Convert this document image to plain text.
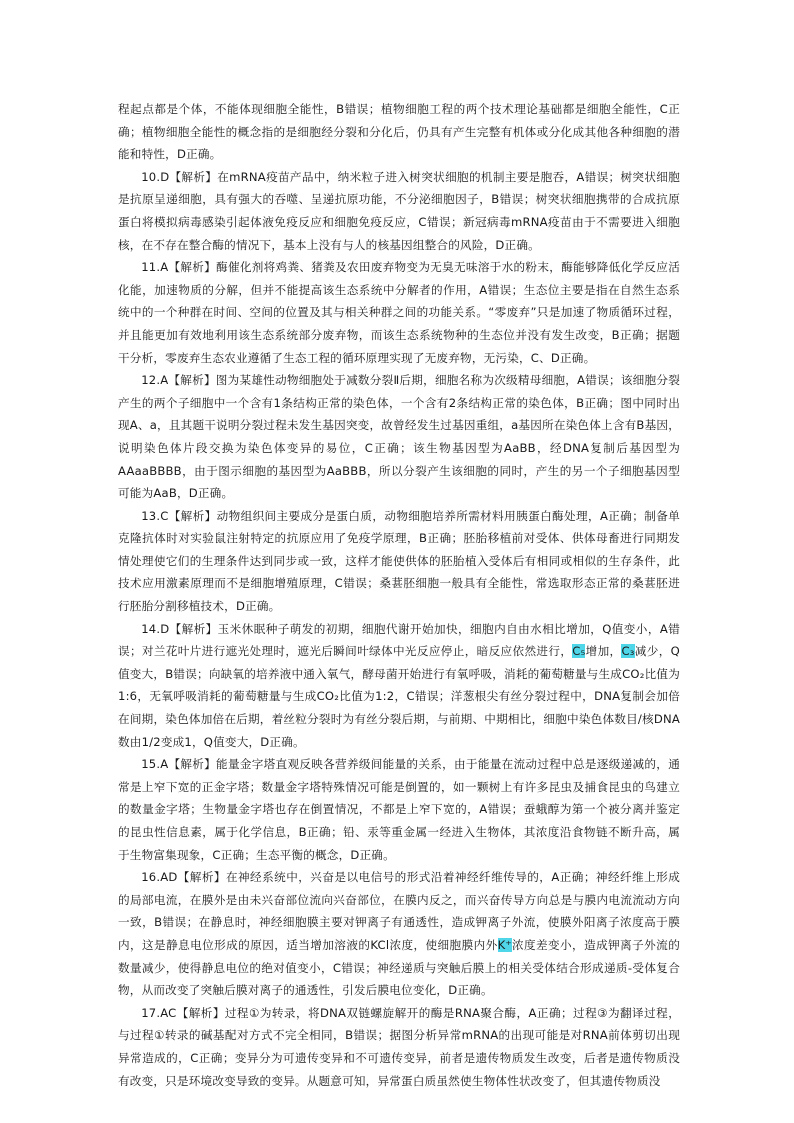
程起点都是个体，不能体现细胞全能性，B错误；植物细胞工程的两个技术理论基础都是细胞全能性，C正确；植物细胞全能性的概念指的是细胞经分裂和分化后，仍具有产生完整有机体或分化成其他各种细胞的潜能和特性，D正确。

10.D【解析】在mRNA疫苗产品中，纳米粒子进入树突状细胞的机制主要是胞吞，A错误；树突状细胞是抗原呈递细胞，具有强大的吞噬、呈递抗原功能，不分泌细胞因子，B错误；树突状细胞携带的合成抗原蛋白将模拟病毒感染引起体液免疫反应和细胞免疫反应，C错误；新冠病毒mRNA疫苗由于不需要进入细胞核，在不存在整合酶的情况下，基本上没有与人的核基因组整合的风险，D正确。

11.A【解析】酶催化剂将鸡粪、猪粪及农田废弃物变为无臭无味溶于水的粉末，酶能够降低化学反应活化能，加速物质的分解，但并不能提高该生态系统中分解者的作用，A错误；生态位主要是指在自然生态系统中的一个种群在时间、空间的位置及其与相关种群之间的功能关系。“零废弃”只是加速了物质循环过程，并且能更加有效地利用该生态系统部分废弃物，而该生态系统物种的生态位并没有发生改变，B正确；据题干分析，零废弃生态农业遵循了生态工程的循环原理实现了无废弃物，无污染，C、D正确。

12.A【解析】图为某雄性动物细胞处于减数分裂Ⅱ后期，细胞名称为次级精母细胞，A错误；该细胞分裂产生的两个子细胞中一个含有1条结构正常的染色体，一个含有2条结构正常的染色体，B正确；图中同时出现A、a，且其题干说明分裂过程未发生基因突变，故曾经发生过基因重组，a基因所在染色体上含有B基因，说明染色体片段交换为染色体变异的易位，C正确；该生物基因型为AaBB，经DNA复制后基因型为AAaaBBBB，由于图示细胞的基因型为AaBBB，所以分裂产生该细胞的同时，产生的另一个子细胞基因型可能为AaB，D正确。

13.C【解析】动物组织间主要成分是蛋白质，动物细胞培养所需材料用胰蛋白酶处理，A正确；制备单克隆抗体时对实验鼠注射特定的抗原应用了免疫学原理，B正确；胚胎移植前对受体、供体母畜进行同期发情处理使它们的生理条件达到同步或一致，这样才能使供体的胚胎植入受体后有相同或相似的生存条件，此技术应用激素原理而不是细胞增殖原理，C错误；桑葚胚细胞一般具有全能性，常选取形态正常的桑葚胚进行胚胎分割移植技术，D正确。

14.D【解析】玉米休眠种子萌发的初期，细胞代谢开始加快，细胞内自由水相比增加，Q值变小，A错误；对兰花叶片进行遮光处理时，遮光后瞬间叶绿体中光反应停止，暗反应依然进行，C₅增加，C₃减少，Q值变大，B错误；向缺氧的培养液中通入氧气，酵母菌开始进行有氧呼吸，消耗的葡萄糖量与生成CO₂比值为1:6，无氧呼吸消耗的葡萄糖量与生成CO₂比值为1:2，C错误；洋葱根尖有丝分裂过程中，DNA复制会加倍在间期，染色体加倍在后期，着丝粒分裂时为有丝分裂后期，与前期、中期相比，细胞中染色体数目/核DNA数由1/2变成1，Q值变大，D正确。

15.A【解析】能量金字塔直观反映各营养级间能量的关系，由于能量在流动过程中总是逐级递减的，通常是上窄下宽的正金字塔；数量金字塔特殊情况可能是倒置的，如一颗树上有许多昆虫及捕食昆虫的鸟建立的数量金字塔；生物量金字塔也存在倒置情况，不都是上窄下宽的，A错误；蚕蛾醇为第一个被分离并鉴定的昆虫性信息素，属于化学信息，B正确；铅、汞等重金属一经进入生物体，其浓度沿食物链不断升高，属于生物富集现象，C正确；生态平衡的概念，D正确。

16.AD【解析】在神经系统中，兴奋是以电信号的形式沿着神经纤维传导的，A正确；神经纤维上形成的局部电流，在膜外是由未兴奋部位流向兴奋部位，在膜内反之，而兴奋传导方向总是与膜内电流流动方向一致，B错误；在静息时，神经细胞膜主要对钾离子有通透性，造成钾离子外流，使膜外阳离子浓度高于膜内，这是静息电位形成的原因，适当增加溶液的KCl浓度，使细胞膜内外K⁺浓度差变小，造成钾离子外流的数量减少，使得静息电位的绝对值变小，C错误；神经递质与突触后膜上的相关受体结合形成递质-受体复合物，从而改变了突触后膜对离子的通透性，引发后膜电位变化，D正确。

17.AC【解析】过程①为转录，将DNA双链螺旋解开的酶是RNA聚合酶，A正确；过程③为翻译过程，与过程①转录的碱基配对方式不完全相同，B错误；据图分析异常mRNA的出现可能是对RNA前体剪切出现异常造成的，C正确；变异分为可遗传变异和不可遗传变异，前者是遗传物质发生改变，后者是遗传物质没有改变，只是环境改变导致的变异。从题意可知，异常蛋白质虽然使生物体性状改变了，但其遗传物质没
